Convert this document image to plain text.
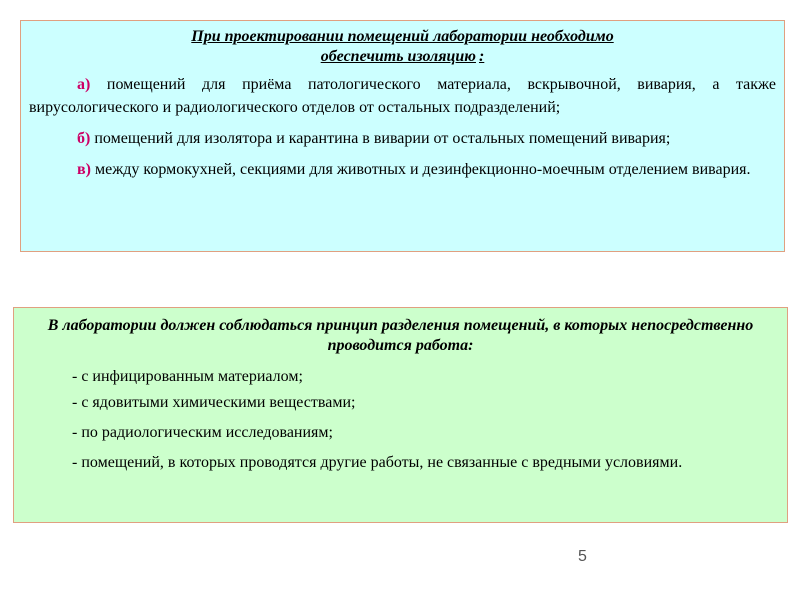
При проектировании помещений лаборатории необходимо
обеспечить изоляцию :

а) помещений для приёма патологического материала, вскрывочной, вивария, а также вирусологического и радиологического отделов от остальных подразделений;

б) помещений для изолятора и карантина в виварии от остальных помещений вивария;

в) между кормокухней, секциями для животных и дезинфекционно-моечным отделением вивария.

В лаборатории должен соблюдаться принцип разделения помещений, в которых непосредственно проводится работа:

- с инфицированным материалом;

- с ядовитыми химическими веществами;

- по радиологическим исследованиям;

- помещений, в которых проводятся другие работы, не связанные с вредными условиями.

5
